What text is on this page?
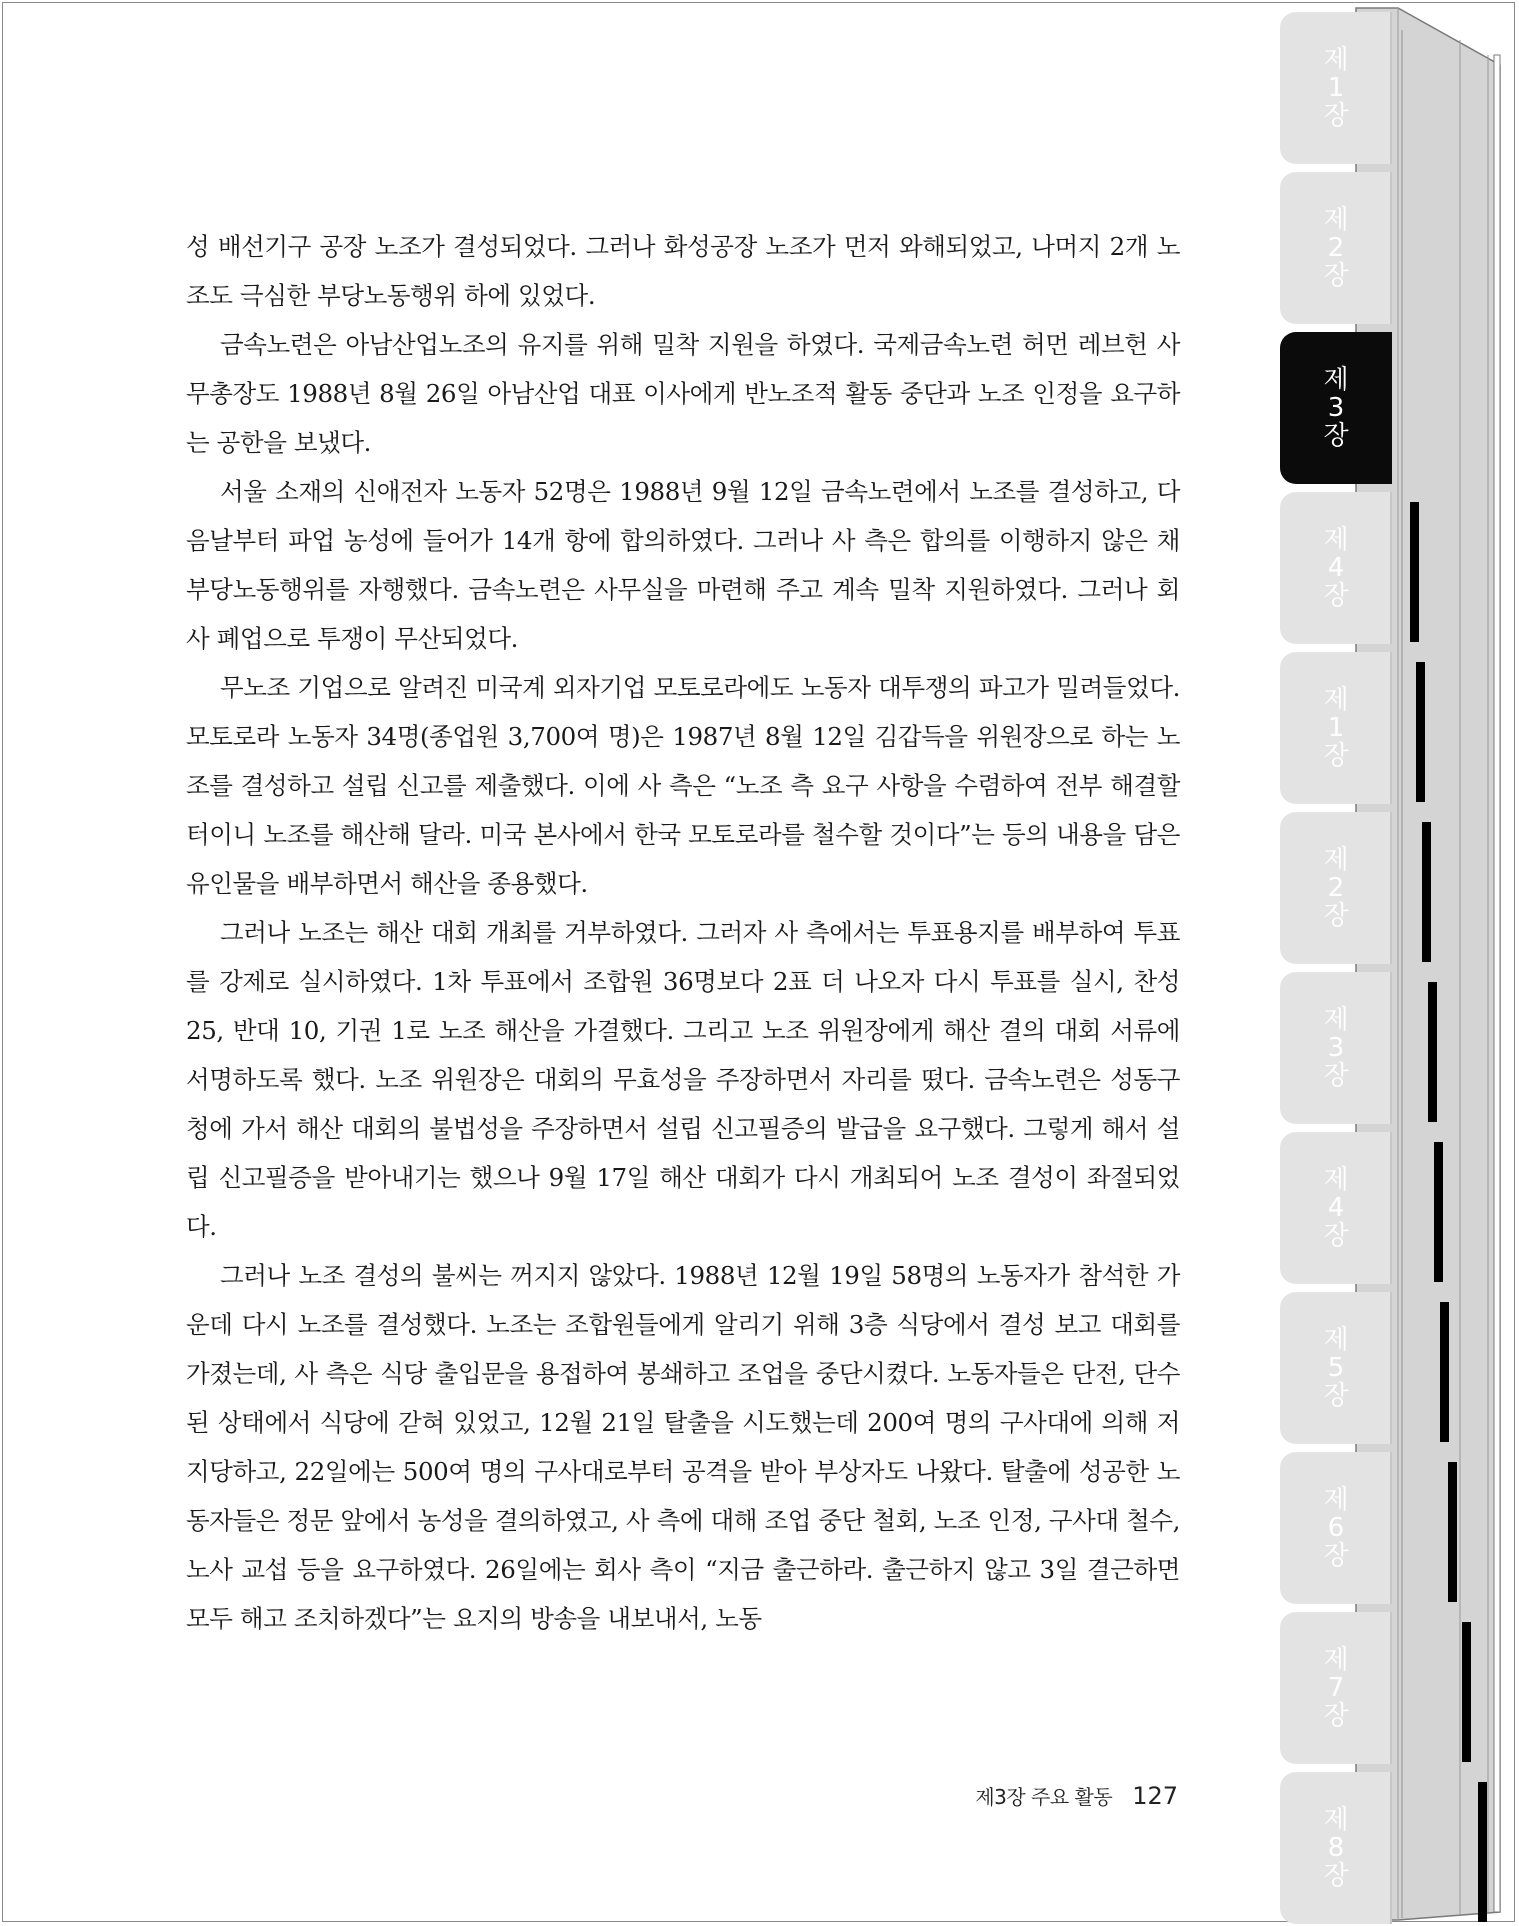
성 배선기구 공장 노조가 결성되었다. 그러나 화성공장 노조가 먼저 와해되었고, 나머지 2개 노조도 극심한 부당노동행위 하에 있었다.

금속노련은 아남산업노조의 유지를 위해 밀착 지원을 하였다. 국제금속노련 허먼 레브헌 사무총장도 1988년 8월 26일 아남산업 대표 이사에게 반노조적 활동 중단과 노조 인정을 요구하는 공한을 보냈다.

서울 소재의 신애전자 노동자 52명은 1988년 9월 12일 금속노련에서 노조를 결성하고, 다음날부터 파업 농성에 들어가 14개 항에 합의하였다. 그러나 사 측은 합의를 이행하지 않은 채 부당노동행위를 자행했다. 금속노련은 사무실을 마련해 주고 계속 밀착 지원하였다. 그러나 회사 폐업으로 투쟁이 무산되었다.

무노조 기업으로 알려진 미국계 외자기업 모토로라에도 노동자 대투쟁의 파고가 밀려들었다. 모토로라 노동자 34명(종업원 3,700여 명)은 1987년 8월 12일 김갑득을 위원장으로 하는 노조를 결성하고 설립 신고를 제출했다. 이에 사 측은 “노조 측 요구 사항을 수렴하여 전부 해결할 터이니 노조를 해산해 달라. 미국 본사에서 한국 모토로라를 철수할 것이다”는 등의 내용을 담은 유인물을 배부하면서 해산을 종용했다.

그러나 노조는 해산 대회 개최를 거부하였다. 그러자 사 측에서는 투표용지를 배부하여 투표를 강제로 실시하였다. 1차 투표에서 조합원 36명보다 2표 더 나오자 다시 투표를 실시, 찬성 25, 반대 10, 기권 1로 노조 해산을 가결했다. 그리고 노조 위원장에게 해산 결의 대회 서류에 서명하도록 했다. 노조 위원장은 대회의 무효성을 주장하면서 자리를 떴다. 금속노련은 성동구청에 가서 해산 대회의 불법성을 주장하면서 설립 신고필증의 발급을 요구했다. 그렇게 해서 설립 신고필증을 받아내기는 했으나 9월 17일 해산 대회가 다시 개최되어 노조 결성이 좌절되었다.

그러나 노조 결성의 불씨는 꺼지지 않았다. 1988년 12월 19일 58명의 노동자가 참석한 가운데 다시 노조를 결성했다. 노조는 조합원들에게 알리기 위해 3층 식당에서 결성 보고 대회를 가졌는데, 사 측은 식당 출입문을 용접하여 봉쇄하고 조업을 중단시켰다. 노동자들은 단전, 단수된 상태에서 식당에 갇혀 있었고, 12월 21일 탈출을 시도했는데 200여 명의 구사대에 의해 저지당하고, 22일에는 500여 명의 구사대로부터 공격을 받아 부상자도 나왔다. 탈출에 성공한 노동자들은 정문 앞에서 농성을 결의하였고, 사 측에 대해 조업 중단 철회, 노조 인정, 구사대 철수, 노사 교섭 등을 요구하였다. 26일에는 회사 측이 “지금 출근하라. 출근하지 않고 3일 결근하면 모두 해고 조치하겠다”는 요지의 방송을 내보내서, 노동

제3장 주요 활동 127
제
1
장
제
2
장
제
3
장
제
4
장
제
1
장
제
2
장
제
3
장
제
4
장
제
5
장
제
6
장
제
7
장
제
8
장
